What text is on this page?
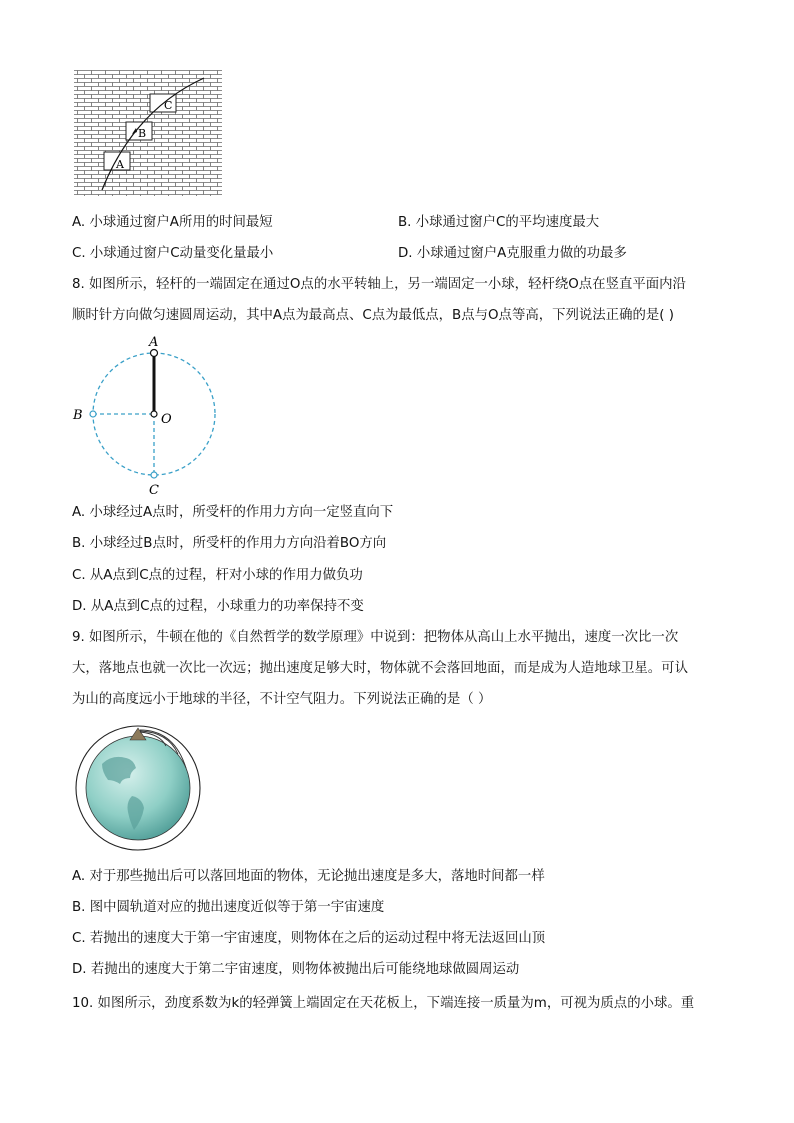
C
B
A
A. 小球通过窗户A所用的时间最短	B. 小球通过窗户C的平均速度最大
C. 小球通过窗户C动量变化量最小	D. 小球通过窗户A克服重力做的功最多
8. 如图所示，轻杆的一端固定在通过O点的水平转轴上，另一端固定一小球，轻杆绕O点在竖直平面内沿
顺时针方向做匀速圆周运动，其中A点为最高点、C点为最低点，B点与O点等高，下列说法正确的是( )
A
B	O
C
A. 小球经过A点时，所受杆的作用力方向一定竖直向下
B. 小球经过B点时，所受杆的作用力方向沿着BO方向
C. 从A点到C点的过程，杆对小球的作用力做负功
D. 从A点到C点的过程，小球重力的功率保持不变
9. 如图所示，牛顿在他的《自然哲学的数学原理》中说到：把物体从高山上水平抛出，速度一次比一次
大，落地点也就一次比一次远；抛出速度足够大时，物体就不会落回地面，而是成为人造地球卫星。可认
为山的高度远小于地球的半径，不计空气阻力。下列说法正确的是（ ）
A. 对于那些抛出后可以落回地面的物体，无论抛出速度是多大，落地时间都一样
B. 图中圆轨道对应的抛出速度近似等于第一宇宙速度
C. 若抛出的速度大于第一宇宙速度，则物体在之后的运动过程中将无法返回山顶
D. 若抛出的速度大于第二宇宙速度，则物体被抛出后可能绕地球做圆周运动
10. 如图所示，劲度系数为k的轻弹簧上端固定在天花板上，下端连接一质量为m，可视为质点的小球。重
